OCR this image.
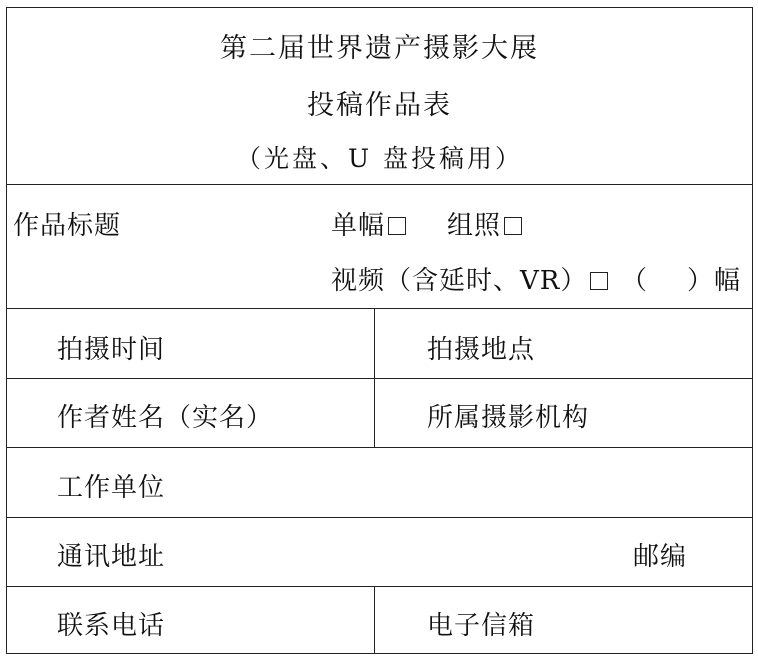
第二届世界遗产摄影大展
投稿作品表
（光盘、U 盘投稿用）
作品标题	单幅	组照
视频（含延时、VR）	（ ）幅
拍摄时间	拍摄地点
作者姓名（实名）	所属摄影机构
工作单位
通讯地址	邮编
联系电话	电子信箱
